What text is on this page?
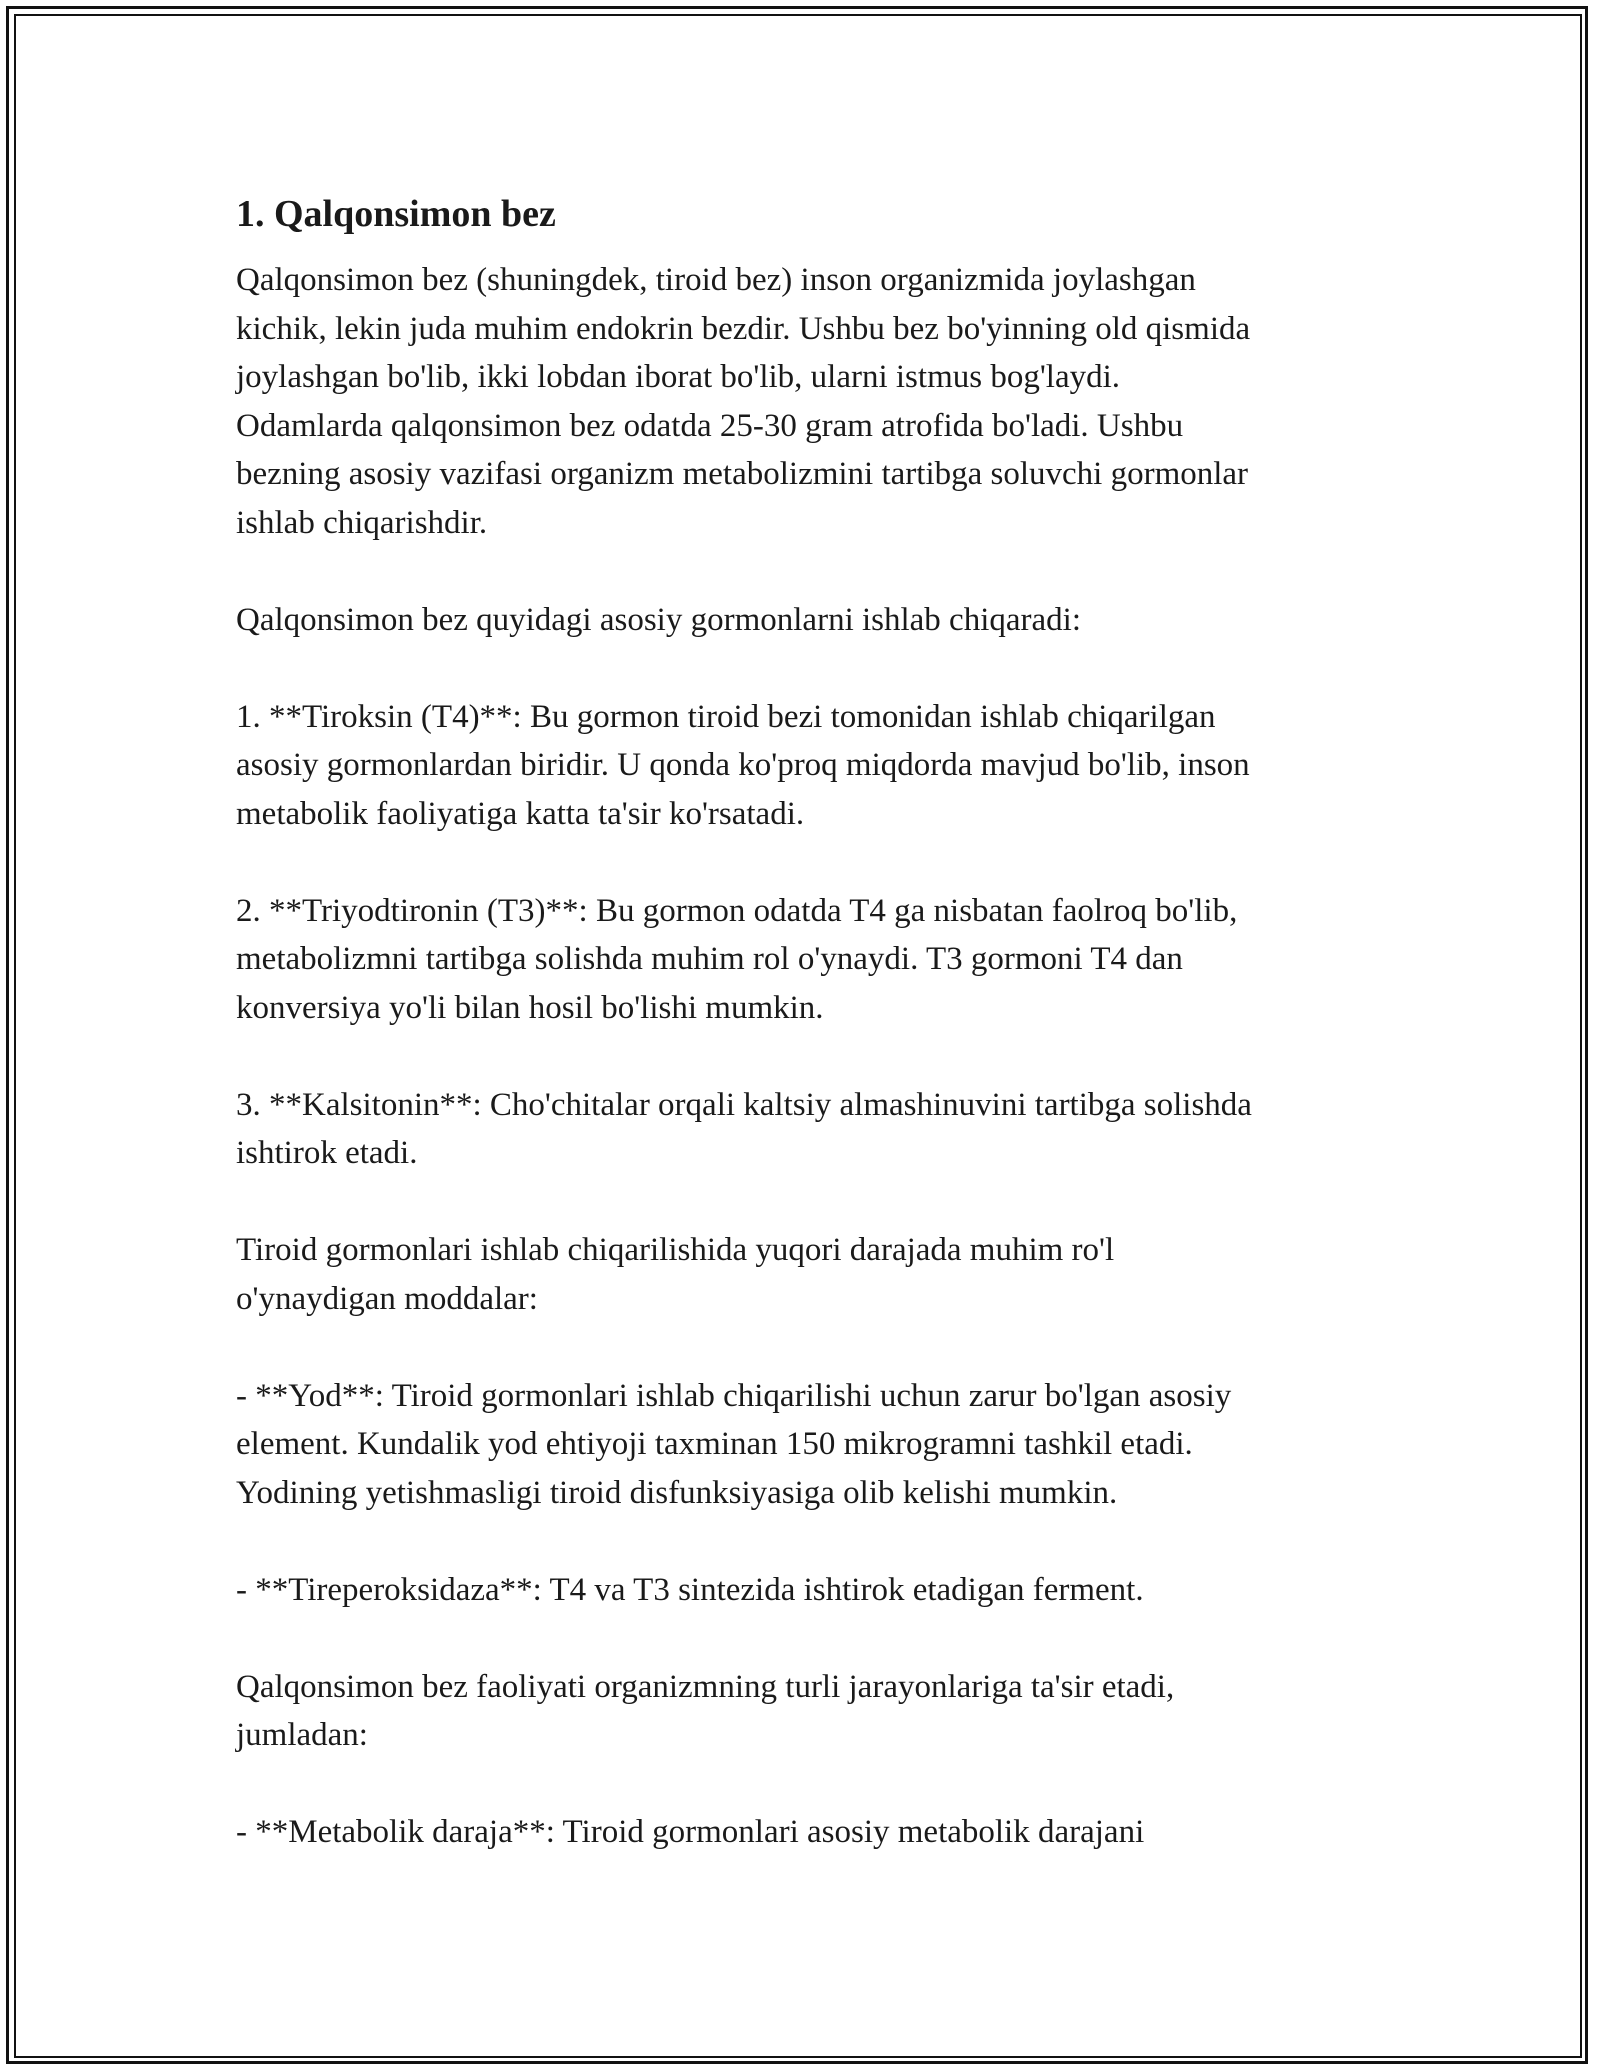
1. Qalqonsimon bez

Qalqonsimon bez (shuningdek, tiroid bez) inson organizmida joylashgan
kichik, lekin juda muhim endokrin bezdir. Ushbu bez bo'yinning old qismida
joylashgan bo'lib, ikki lobdan iborat bo'lib, ularni istmus bog'laydi.
Odamlarda qalqonsimon bez odatda 25-30 gram atrofida bo'ladi. Ushbu
bezning asosiy vazifasi organizm metabolizmini tartibga soluvchi gormonlar
ishlab chiqarishdir.

Qalqonsimon bez quyidagi asosiy gormonlarni ishlab chiqaradi:

1. **Tiroksin (T4)**: Bu gormon tiroid bezi tomonidan ishlab chiqarilgan
asosiy gormonlardan biridir. U qonda ko'proq miqdorda mavjud bo'lib, inson
metabolik faoliyatiga katta ta'sir ko'rsatadi.

2. **Triyodtironin (T3)**: Bu gormon odatda T4 ga nisbatan faolroq bo'lib,
metabolizmni tartibga solishda muhim rol o'ynaydi. T3 gormoni T4 dan
konversiya yo'li bilan hosil bo'lishi mumkin.

3. **Kalsitonin**: Cho'chitalar orqali kaltsiy almashinuvini tartibga solishda
ishtirok etadi.

Tiroid gormonlari ishlab chiqarilishida yuqori darajada muhim ro'l
o'ynaydigan moddalar:

- **Yod**: Tiroid gormonlari ishlab chiqarilishi uchun zarur bo'lgan asosiy
element. Kundalik yod ehtiyoji taxminan 150 mikrogramni tashkil etadi.
Yodining yetishmasligi tiroid disfunksiyasiga olib kelishi mumkin.

- **Tireperoksidaza**: T4 va T3 sintezida ishtirok etadigan ferment.

Qalqonsimon bez faoliyati organizmning turli jarayonlariga ta'sir etadi,
jumladan:

- **Metabolik daraja**: Tiroid gormonlari asosiy metabolik darajani
